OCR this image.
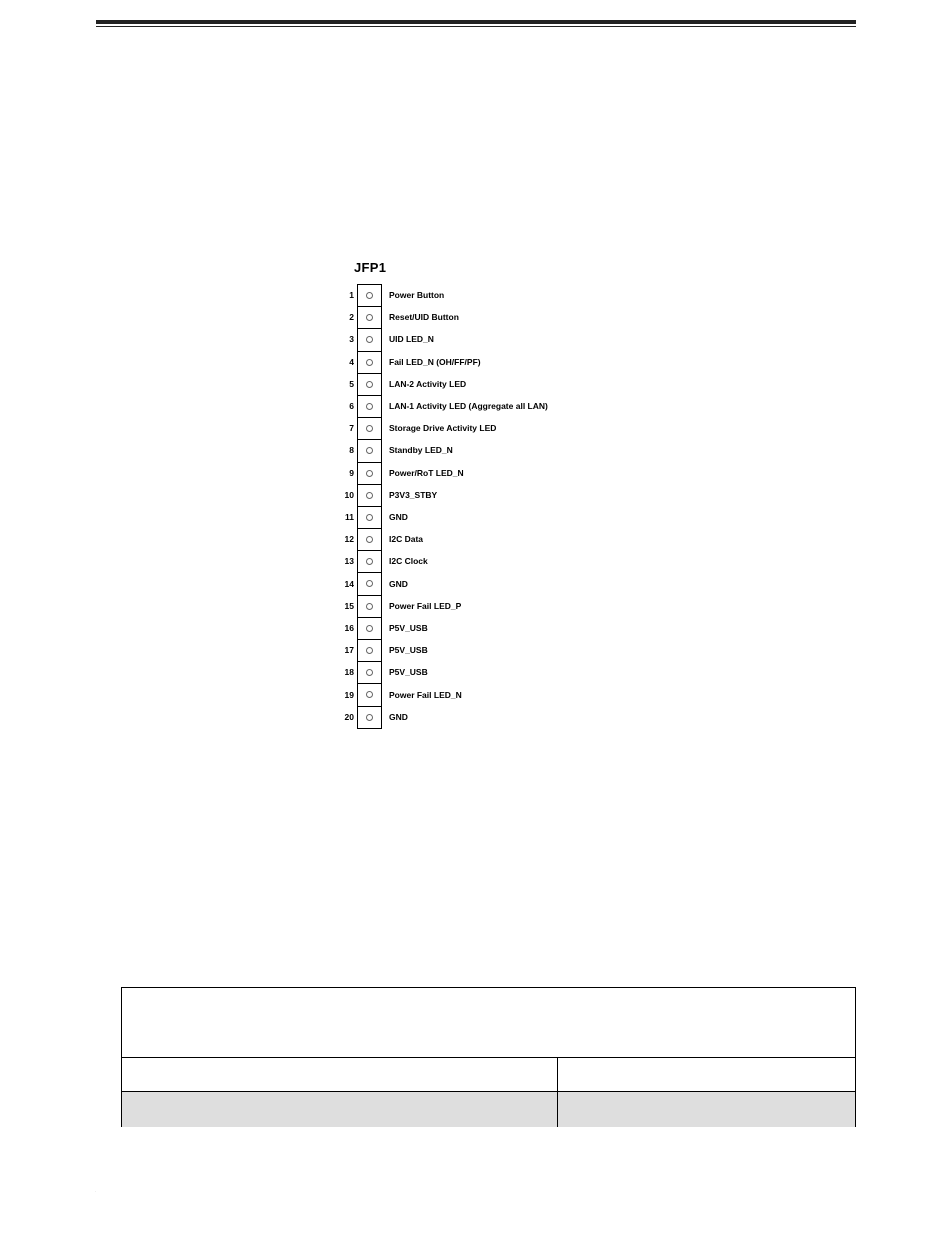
JFP1
1	Power Button
2	Reset/UID Button
3	UID LED_N
4	Fail LED_N (OH/FF/PF)
5	LAN-2 Activity LED
6	LAN-1 Activity LED (Aggregate all LAN)
7	Storage Drive Activity LED
8	Standby LED_N
9	Power/RoT LED_N
10	P3V3_STBY
11	GND
12	I2C Data
13	I2C Clock
14	GND
15	Power Fail LED_P
16	P5V_USB
17	P5V_USB
18	P5V_USB
19	Power Fail LED_N
20	GND
.
